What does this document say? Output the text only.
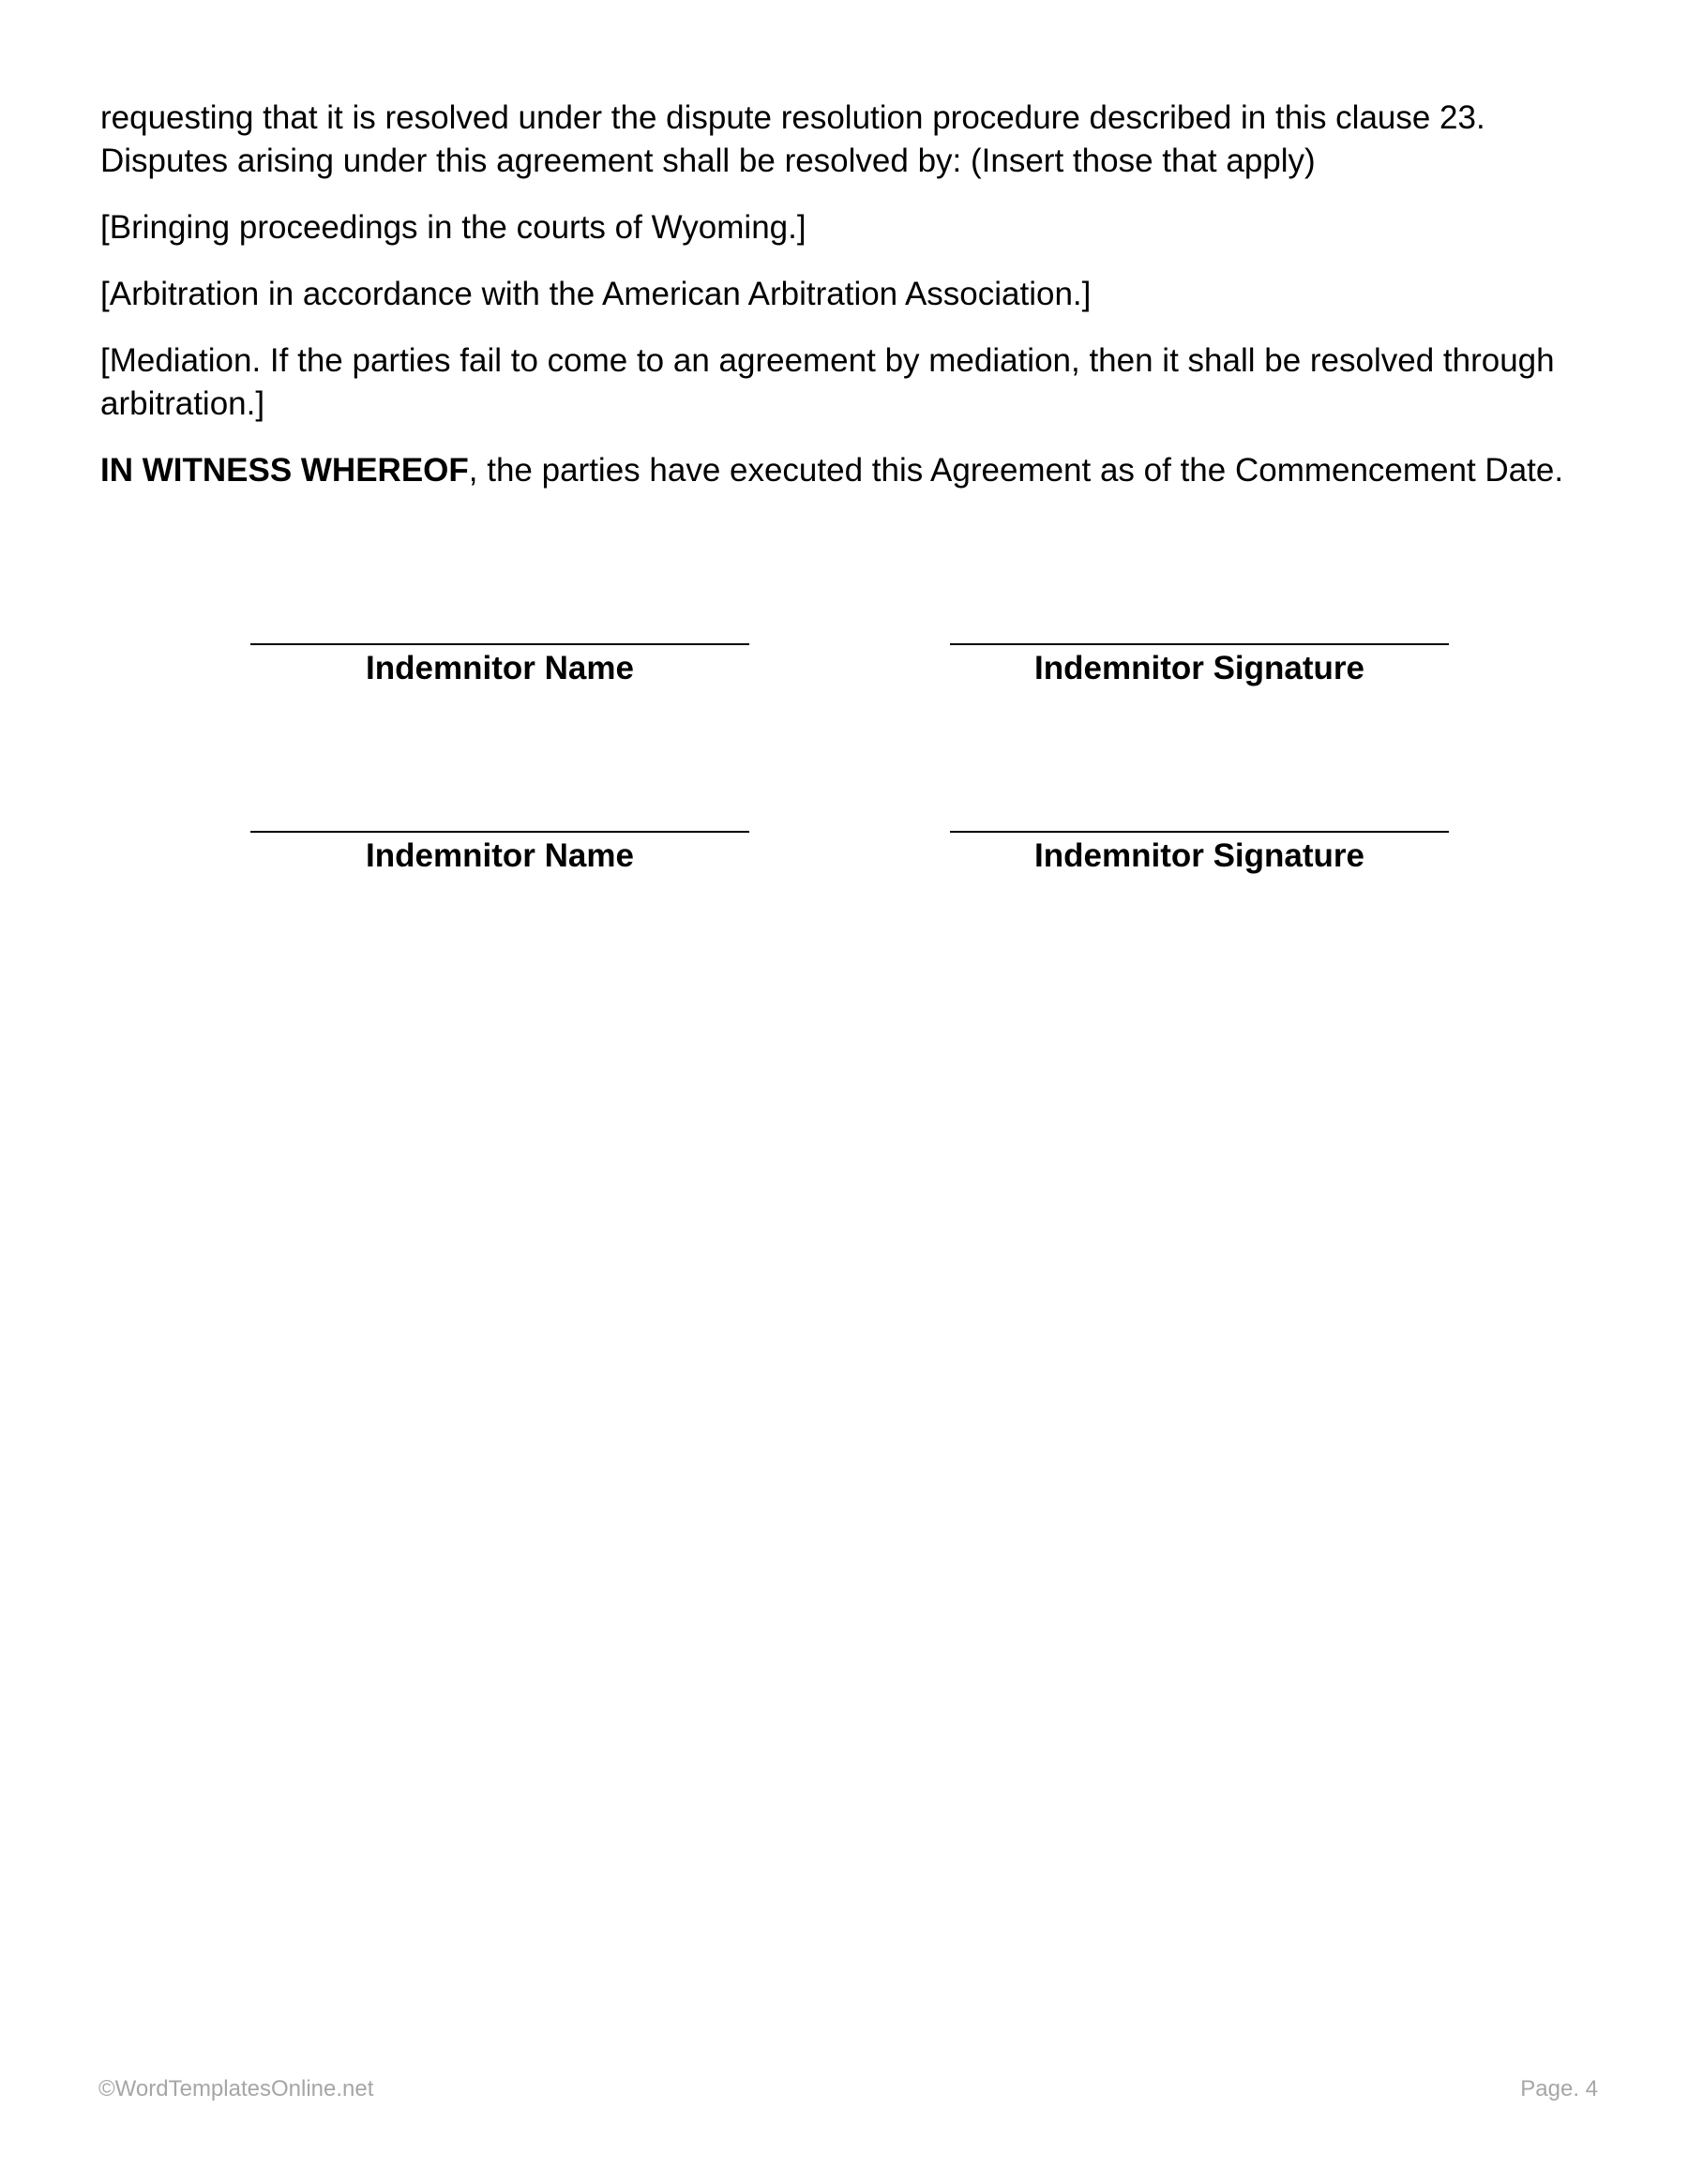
requesting that it is resolved under the dispute resolution procedure described in this clause 23.
Disputes arising under this agreement shall be resolved by: (Insert those that apply)
[Bringing proceedings in the courts of Wyoming.]
[Arbitration in accordance with the American Arbitration Association.]
[Mediation. If the parties fail to come to an agreement by mediation, then it shall be resolved through
arbitration.]
IN WITNESS WHEREOF, the parties have executed this Agreement as of the Commencement Date.
Indemnitor Name	Indemnitor Signature
Indemnitor Name	Indemnitor Signature
©WordTemplatesOnline.net	Page. 4
